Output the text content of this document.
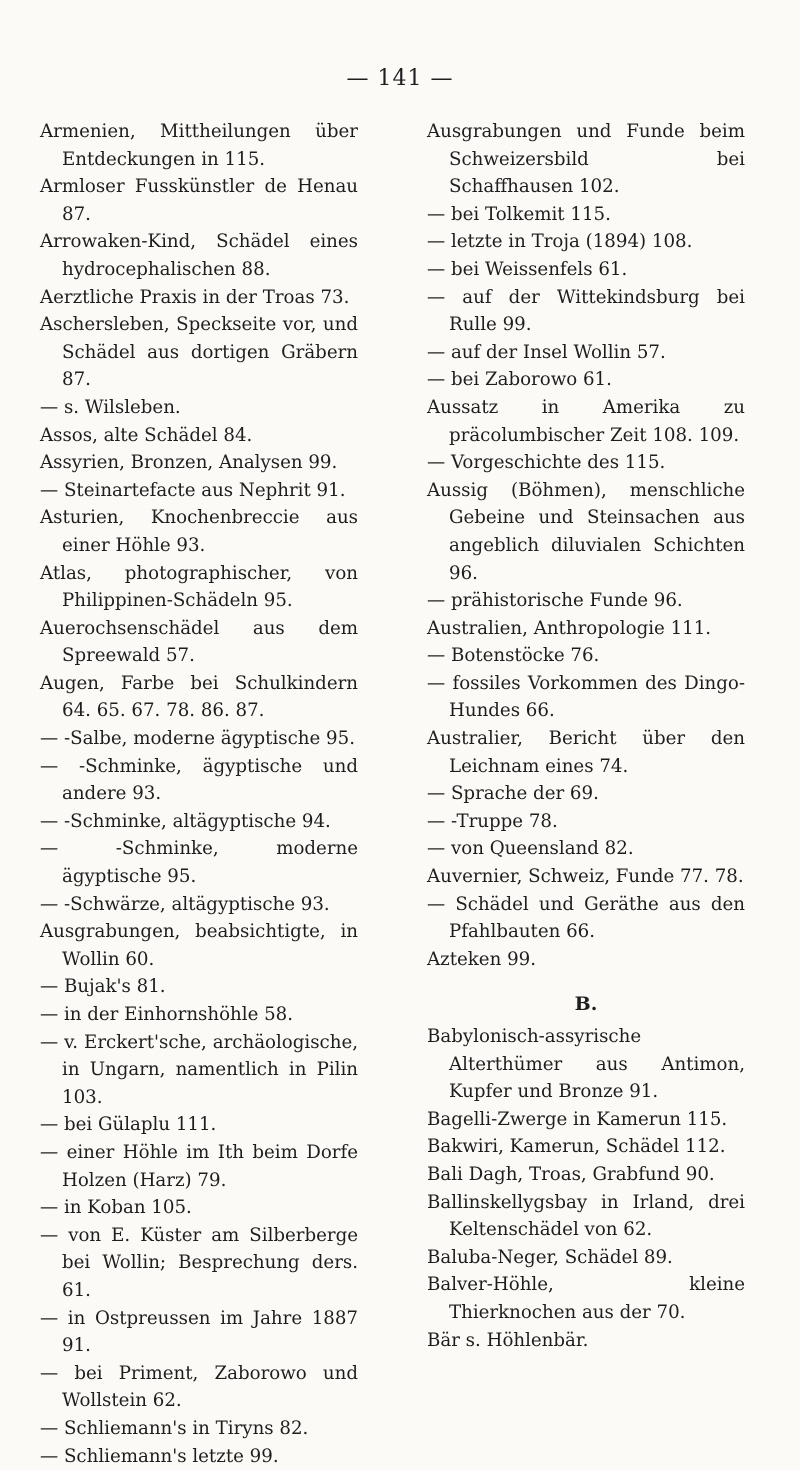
— 141 —

Armenien, Mittheilungen über Entdeckungen in 115.

Armloser Fusskünstler de Henau 87.

Arrowaken-Kind, Schädel eines hydrocephalischen 88.

Aerztliche Praxis in der Troas 73.

Aschersleben, Speckseite vor, und Schädel aus dortigen Gräbern 87.

— s. Wilsleben.

Assos, alte Schädel 84.

Assyrien, Bronzen, Analysen 99.

— Steinartefacte aus Nephrit 91.

Asturien, Knochenbreccie aus einer Höhle 93.

Atlas, photographischer, von Philippinen-Schädeln 95.

Auerochsenschädel aus dem Spreewald 57.

Augen, Farbe bei Schulkindern 64. 65. 67. 78. 86. 87.

— -Salbe, moderne ägyptische 95.

— -Schminke, ägyptische und andere 93.

— -Schminke, altägyptische 94.

— -Schminke, moderne ägyptische 95.

— -Schwärze, altägyptische 93.

Ausgrabungen, beabsichtigte, in Wollin 60.

— Bujak's 81.

— in der Einhornshöhle 58.

— v. Erckert'sche, archäologische, in Ungarn, namentlich in Pilin 103.

— bei Gülaplu 111.

— einer Höhle im Ith beim Dorfe Holzen (Harz) 79.

— in Koban 105.

— von E. Küster am Silberberge bei Wollin; Besprechung ders. 61.

— in Ostpreussen im Jahre 1887 91.

— bei Priment, Zaborowo und Wollstein 62.

— Schliemann's in Tiryns 82.

— Schliemann's letzte 99.

Ausgrabungen und Funde beim Schweizersbild bei Schaffhausen 102.

— bei Tolkemit 115.

— letzte in Troja (1894) 108.

— bei Weissenfels 61.

— auf der Wittekindsburg bei Rulle 99.

— auf der Insel Wollin 57.

— bei Zaborowo 61.

Aussatz in Amerika zu präcolumbischer Zeit 108. 109.

— Vorgeschichte des 115.

Aussig (Böhmen), menschliche Gebeine und Steinsachen aus angeblich diluvialen Schichten 96.

— prähistorische Funde 96.

Australien, Anthropologie 111.

— Botenstöcke 76.

— fossiles Vorkommen des Dingo-Hundes 66.

Australier, Bericht über den Leichnam eines 74.

— Sprache der 69.

— -Truppe 78.

— von Queensland 82.

Auvernier, Schweiz, Funde 77. 78.

— Schädel und Geräthe aus den Pfahlbauten 66.

Azteken 99.

B.

Babylonisch-assyrische Alterthümer aus Antimon, Kupfer und Bronze 91.

Bagelli-Zwerge in Kamerun 115.

Bakwiri, Kamerun, Schädel 112.

Bali Dagh, Troas, Grabfund 90.

Ballinskellygsbay in Irland, drei Keltenschädel von 62.

Baluba-Neger, Schädel 89.

Balver-Höhle, kleine Thierknochen aus der 70.

Bär s. Höhlenbär.
